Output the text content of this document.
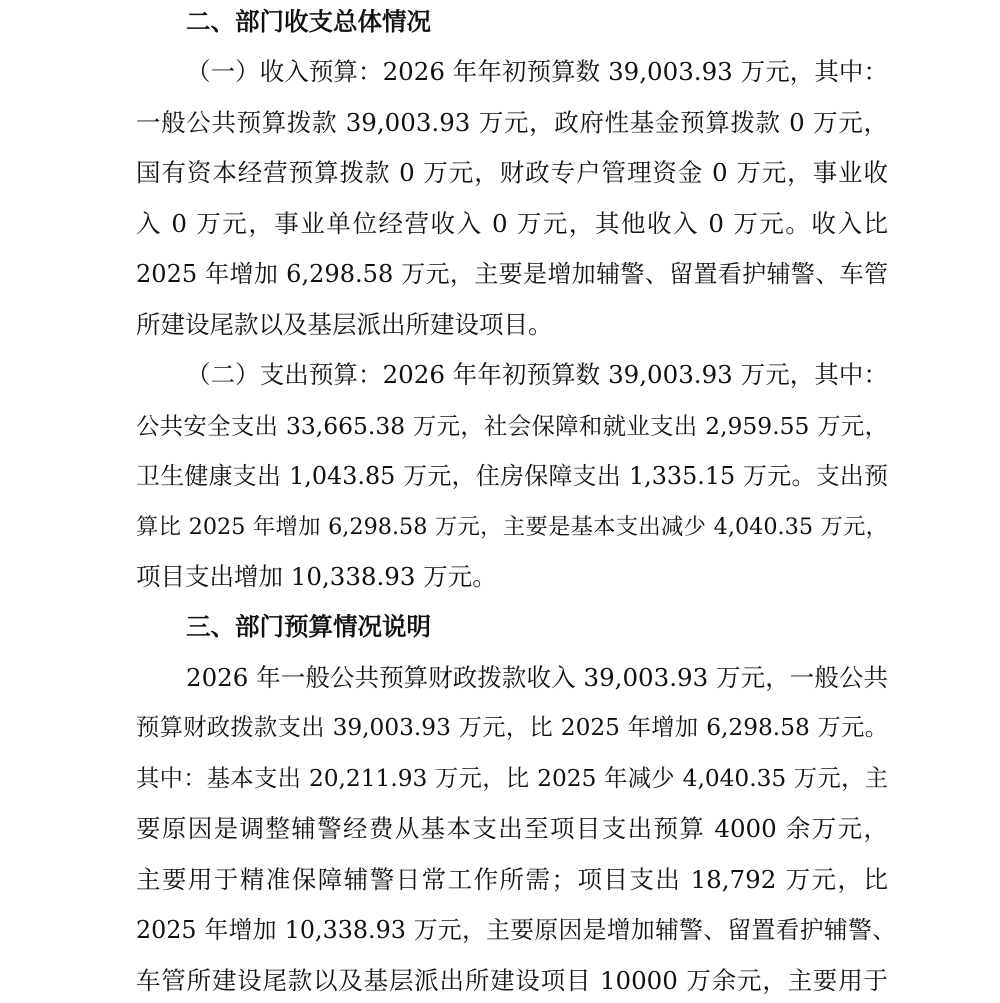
二、部门收支总体情况
（一）收入预算：2026 年年初预算数 39,003.93 万元，其中：
一般公共预算拨款 39,003.93 万元，政府性基金预算拨款 0 万元，
国有资本经营预算拨款 0 万元，财政专户管理资金 0 万元，事业收
入 0 万元，事业单位经营收入 0 万元，其他收入 0 万元。收入比
2025 年增加 6,298.58 万元，主要是增加辅警、留置看护辅警、车管
所建设尾款以及基层派出所建设项目。
（二）支出预算：2026 年年初预算数 39,003.93 万元，其中：
公共安全支出 33,665.38 万元，社会保障和就业支出 2,959.55 万元，
卫生健康支出 1,043.85 万元，住房保障支出 1,335.15 万元。支出预
算比 2025 年增加 6,298.58 万元，主要是基本支出减少 4,040.35 万元，
项目支出增加 10,338.93 万元。
三、部门预算情况说明
2026 年一般公共预算财政拨款收入 39,003.93 万元，一般公共
预算财政拨款支出 39,003.93 万元，比 2025 年增加 6,298.58 万元。
其中：基本支出 20,211.93 万元，比 2025 年减少 4,040.35 万元，主
要原因是调整辅警经费从基本支出至项目支出预算 4000 余万元，
主要用于精准保障辅警日常工作所需；项目支出 18,792 万元，比
2025 年增加 10,338.93 万元，主要原因是增加辅警、留置看护辅警、
车管所建设尾款以及基层派出所建设项目 10000 万余元，主要用于
